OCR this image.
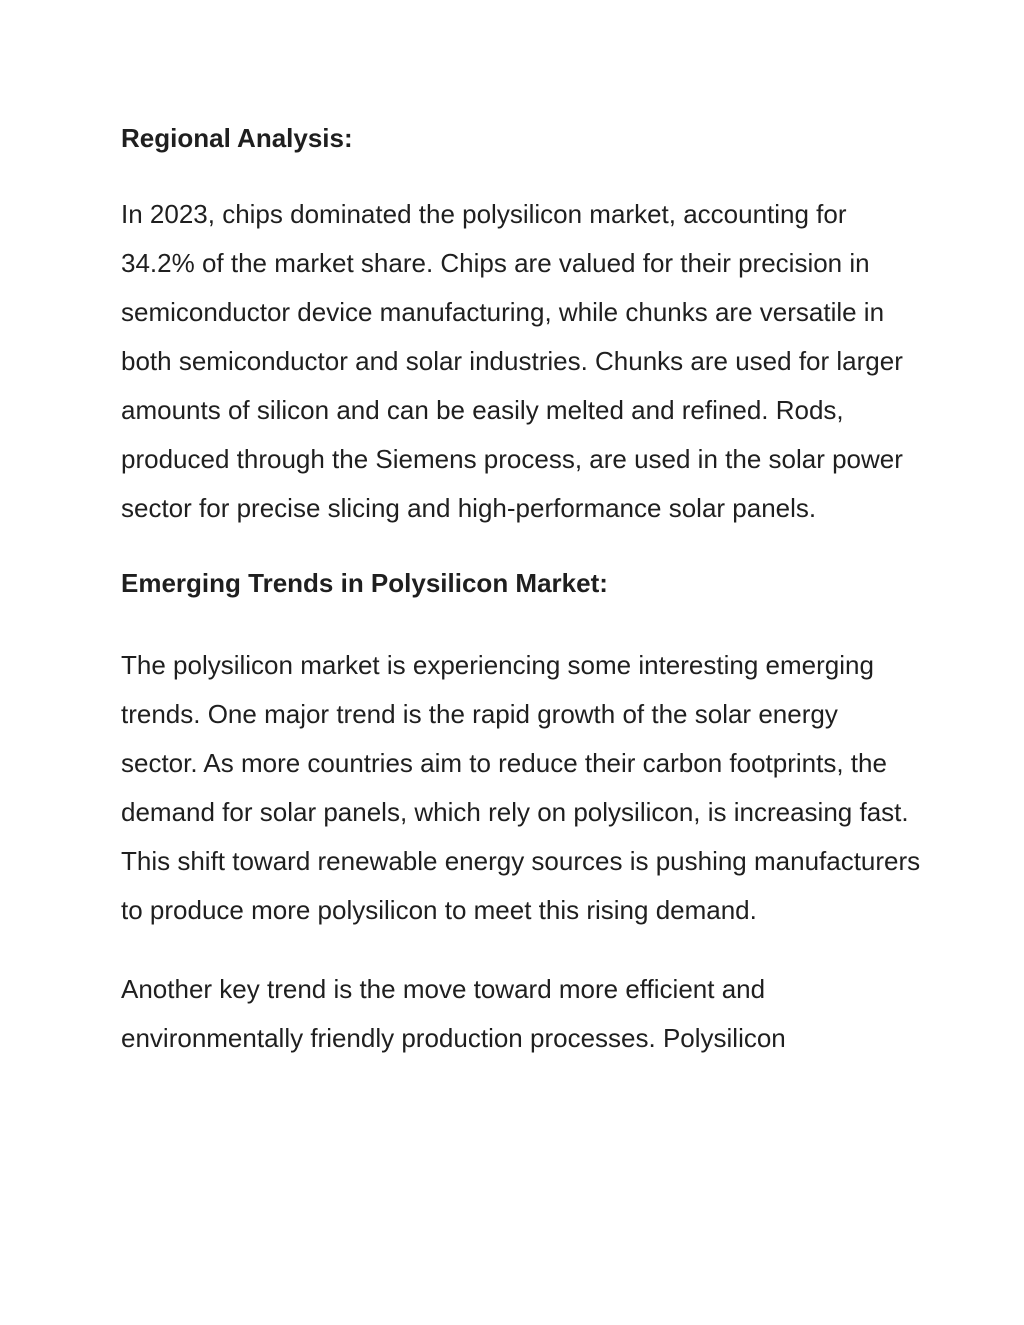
Regional Analysis:

In 2023, chips dominated the polysilicon market, accounting for 34.2% of the market share. Chips are valued for their precision in semiconductor device manufacturing, while chunks are versatile in both semiconductor and solar industries. Chunks are used for larger amounts of silicon and can be easily melted and refined. Rods, produced through the Siemens process, are used in the solar power sector for precise slicing and high-performance solar panels.

Emerging Trends in Polysilicon Market:

The polysilicon market is experiencing some interesting emerging trends. One major trend is the rapid growth of the solar energy sector. As more countries aim to reduce their carbon footprints, the demand for solar panels, which rely on polysilicon, is increasing fast. This shift toward renewable energy sources is pushing manufacturers to produce more polysilicon to meet this rising demand.

Another key trend is the move toward more efficient and environmentally friendly production processes. Polysilicon
